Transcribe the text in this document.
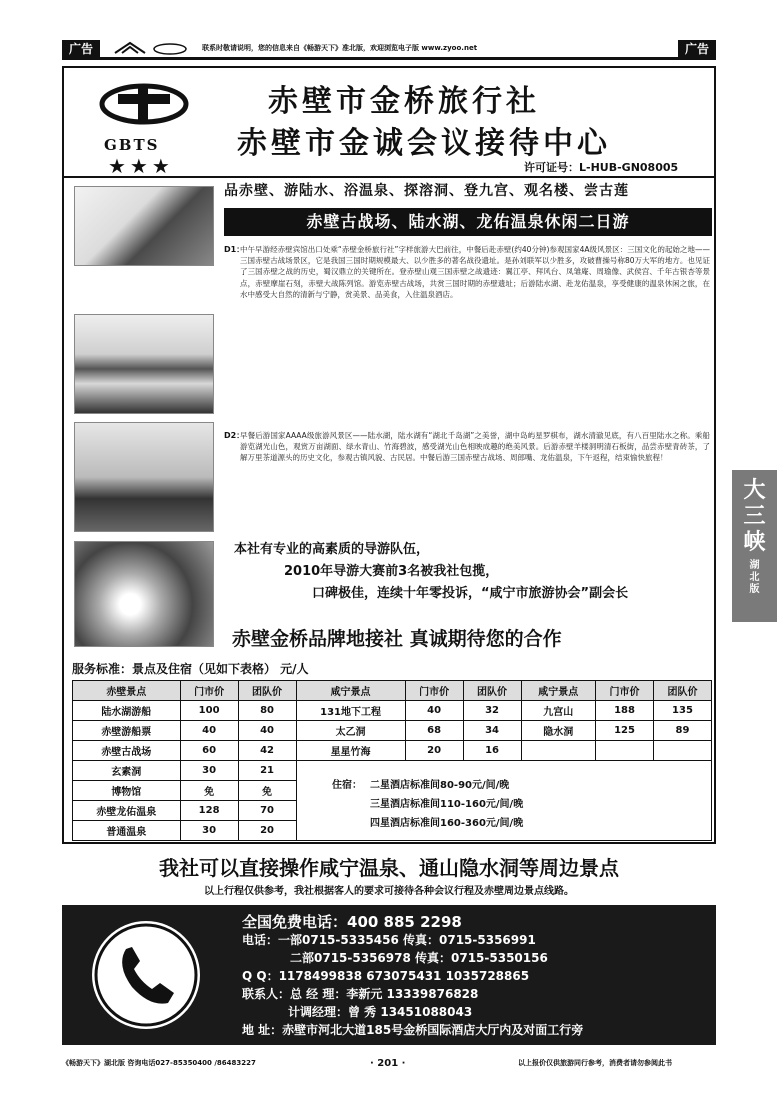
广告	联系时敬请说明，您的信息来自《畅游天下》准北版，欢迎浏览电子版 www.zyoo.net	广告
GBTS
★★★
赤壁市金桥旅行社
赤壁市金诚会议接待中心
许可证号：L-HUB-GN08005
品赤壁、游陆水、浴温泉、探溶洞、登九宫、观名楼、尝古莲
赤壁古战场、陆水湖、龙佑温泉休闲二日游
D1：
中午早游经赤壁宾馆出口处乘“赤壁金桥旅行社”字样旅游大巴前往，中餐后赴赤壁(约40分钟)参观国家4A级风景区：三国文化的起始之地——三国赤壁古战场景区，它是我国三国时期规模最大、以少胜多的著名战役遗址。是孙刘联军以少胜多，攻破曹操号称80万大军的地方。也见证了三国赤壁之战的历史，蜀汉鼎立的关键所在。登赤壁山观三国赤壁之战遗迹：翼江亭、拜风台、凤雏庵、周瑜像、武侯宫、千年古银杏等景点，赤壁摩崖石刻，赤壁大战陈列馆。游览赤壁古战场，共赏三国时期的赤壁遗址；后游陆水湖、赴龙佑温泉，享受健康的温泉休闲之旅，在水中感受大自然的清新与宁静，赏美景、品美食，入住温泉酒店。
D2：
早餐后游国家AAAA级旅游风景区——陆水湖，陆水湖有“湖北千岛湖”之美誉，湖中岛屿星罗棋布，湖水清澈见底，有八百里陆水之称。乘船游览湖光山色，观赏万亩湖面、绿水青山、竹海碧波，感受湖光山色相映成趣的绝美风景。后游赤壁羊楼洞明清石板街，品尝赤壁青砖茶，了解万里茶道源头的历史文化，参观古镇风貌、古民居。中餐后游三国赤壁古战场、周郎嘴、龙佑温泉，下午返程，结束愉快旅程！
本社有专业的高素质的导游队伍，
2010年导游大赛前3名被我社包揽，
口碑极佳，连续十年零投诉，“咸宁市旅游协会”副会长
赤壁金桥品牌地接社 真诚期待您的合作
服务标准：景点及住宿（见如下表格） 元/人
赤壁景点	门市价	团队价	咸宁景点	门市价	团队价	咸宁景点	门市价	团队价
陆水湖游船	100	80	131地下工程	40	32	九宫山	188	135
赤壁游船票	40	40	太乙洞	68	34	隐水洞	125	89
赤壁古战场	60	42	星星竹海	20	16			
玄素洞	30	21						
博物馆	免	免						
赤壁龙佑温泉	128	70						
普通温泉	30	20						
住宿： 二星酒店标准间80-90元/间/晚
三星酒店标准间110-160元/间/晚
四星酒店标准间160-360元/间/晚
我社可以直接操作咸宁温泉、通山隐水洞等周边景点
以上行程仅供参考，我社根据客人的要求可接待各种会议行程及赤壁周边景点线路。
全国免费电话：400 885 2298
电话：一部0715-5335456 传真：0715-5356991
二部0715-5356978 传真：0715-5350156
Q Q：1178499838 673075431 1035728865
联系人：总 经 理：李新元 13339876828
计调经理：曾 秀 13451088043
地 址：赤壁市河北大道185号金桥国际酒店大厅内及对面工行旁
大三峡
湖北版
《畅游天下》湖北版 咨询电话027-85350400 /86483227	· 201 ·	以上报价仅供旅游同行参考，消费者请勿参阅此书
